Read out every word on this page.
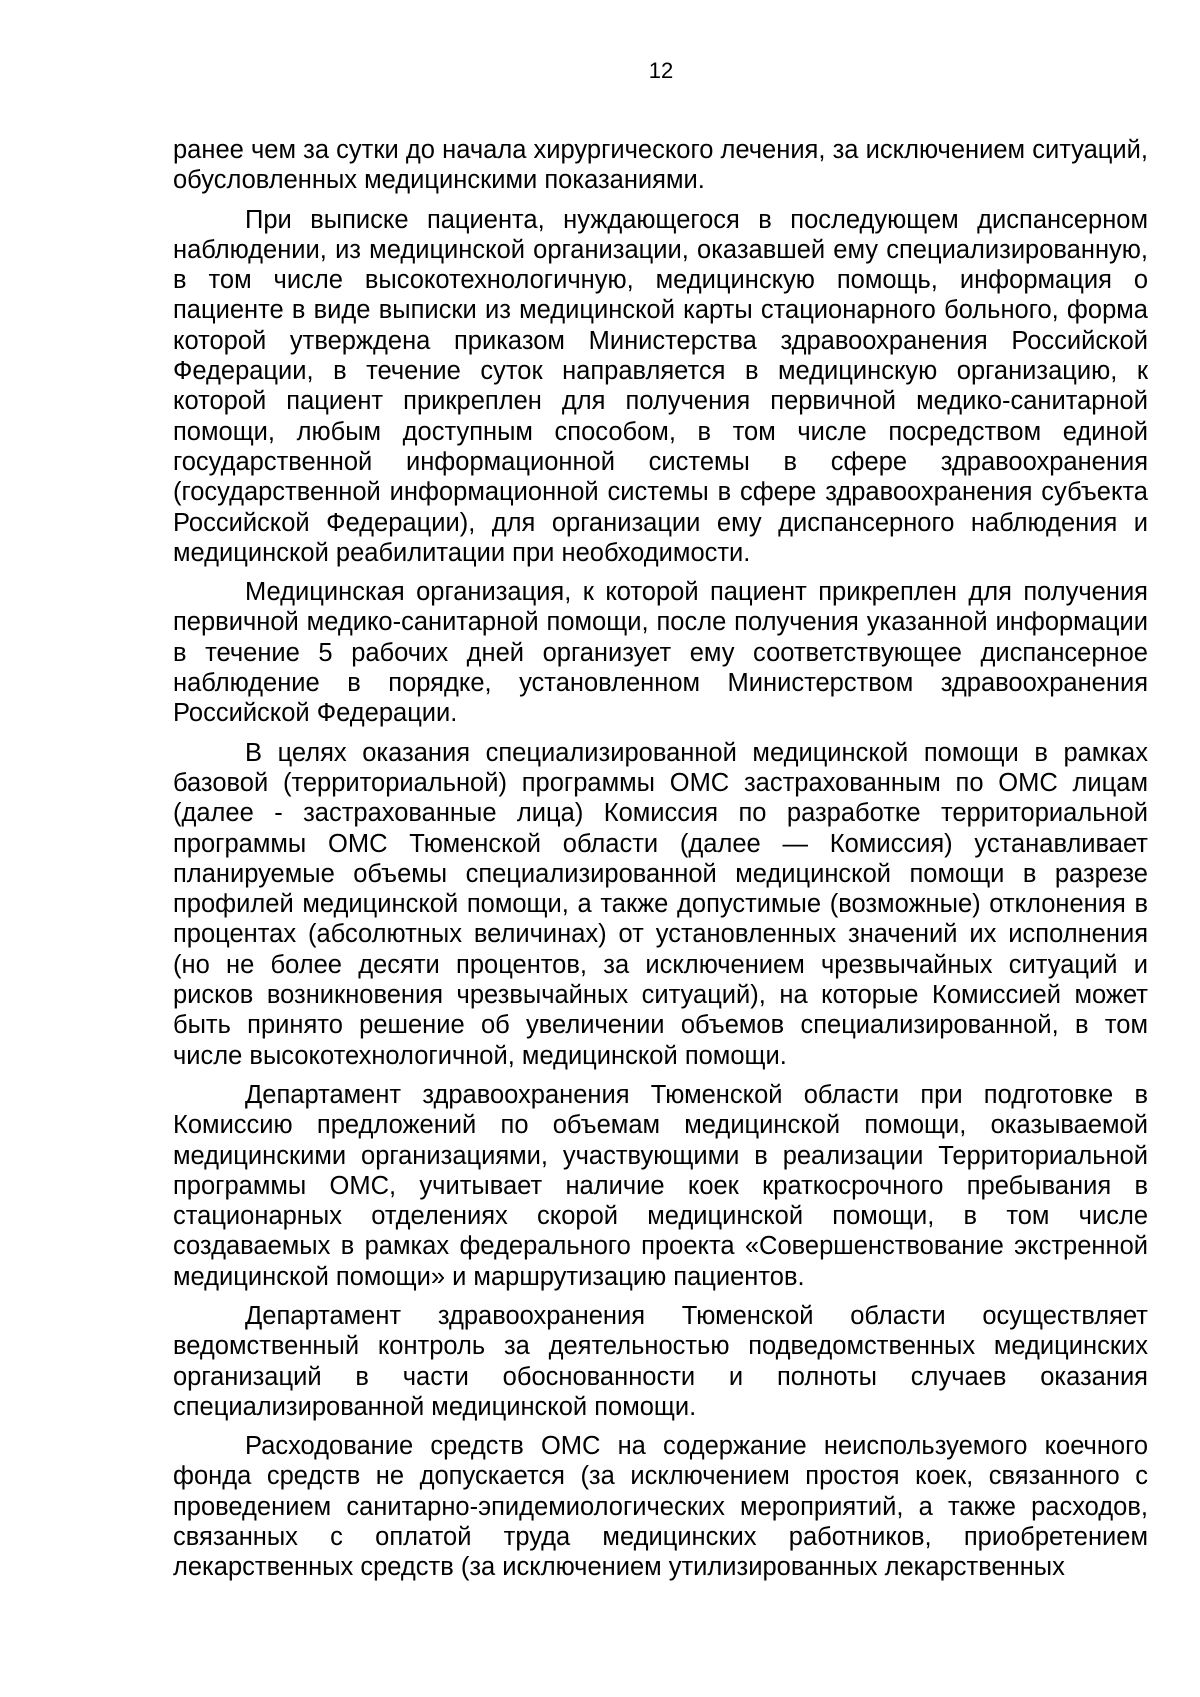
12

ранее чем за сутки до начала хирургического лечения, за исключением ситуаций, обусловленных медицинскими показаниями.

При выписке пациента, нуждающегося в последующем диспансерном наблюдении, из медицинской организации, оказавшей ему специализированную, в том числе высокотехнологичную, медицинскую помощь, информация о пациенте в виде выписки из медицинской карты стационарного больного, форма которой утверждена приказом Министерства здравоохранения Российской Федерации, в течение суток направляется в медицинскую организацию, к которой пациент прикреплен для получения первичной медико-санитарной помощи, любым доступным способом, в том числе посредством единой государственной информационной системы в сфере здравоохранения (государственной информационной системы в сфере здравоохранения субъекта Российской Федерации), для организации ему диспансерного наблюдения и медицинской реабилитации при необходимости.

Медицинская организация, к которой пациент прикреплен для получения первичной медико-санитарной помощи, после получения указанной информации в течение 5 рабочих дней организует ему соответствующее диспансерное наблюдение в порядке, установленном Министерством здравоохранения Российской Федерации.

В целях оказания специализированной медицинской помощи в рамках базовой (территориальной) программы ОМС застрахованным по ОМС лицам (далее - застрахованные лица) Комиссия по разработке территориальной программы ОМС Тюменской области (далее — Комиссия) устанавливает планируемые объемы специализированной медицинской помощи в разрезе профилей медицинской помощи, а также допустимые (возможные) отклонения в процентах (абсолютных величинах) от установленных значений их исполнения (но не более десяти процентов, за исключением чрезвычайных ситуаций и рисков возникновения чрезвычайных ситуаций), на которые Комиссией может быть принято решение об увеличении объемов специализированной, в том числе высокотехнологичной, медицинской помощи.

Департамент здравоохранения Тюменской области при подготовке в Комиссию предложений по объемам медицинской помощи, оказываемой медицинскими организациями, участвующими в реализации Территориальной программы ОМС, учитывает наличие коек краткосрочного пребывания в стационарных отделениях скорой медицинской помощи, в том числе создаваемых в рамках федерального проекта «Совершенствование экстренной медицинской помощи» и маршрутизацию пациентов.

Департамент здравоохранения Тюменской области осуществляет ведомственный контроль за деятельностью подведомственных медицинских организаций в части обоснованности и полноты случаев оказания специализированной медицинской помощи.

Расходование средств ОМС на содержание неиспользуемого коечного фонда средств не допускается (за исключением простоя коек, связанного с проведением санитарно-эпидемиологических мероприятий, а также расходов, связанных с оплатой труда медицинских работников, приобретением лекарственных средств (за исключением утилизированных лекарственных
